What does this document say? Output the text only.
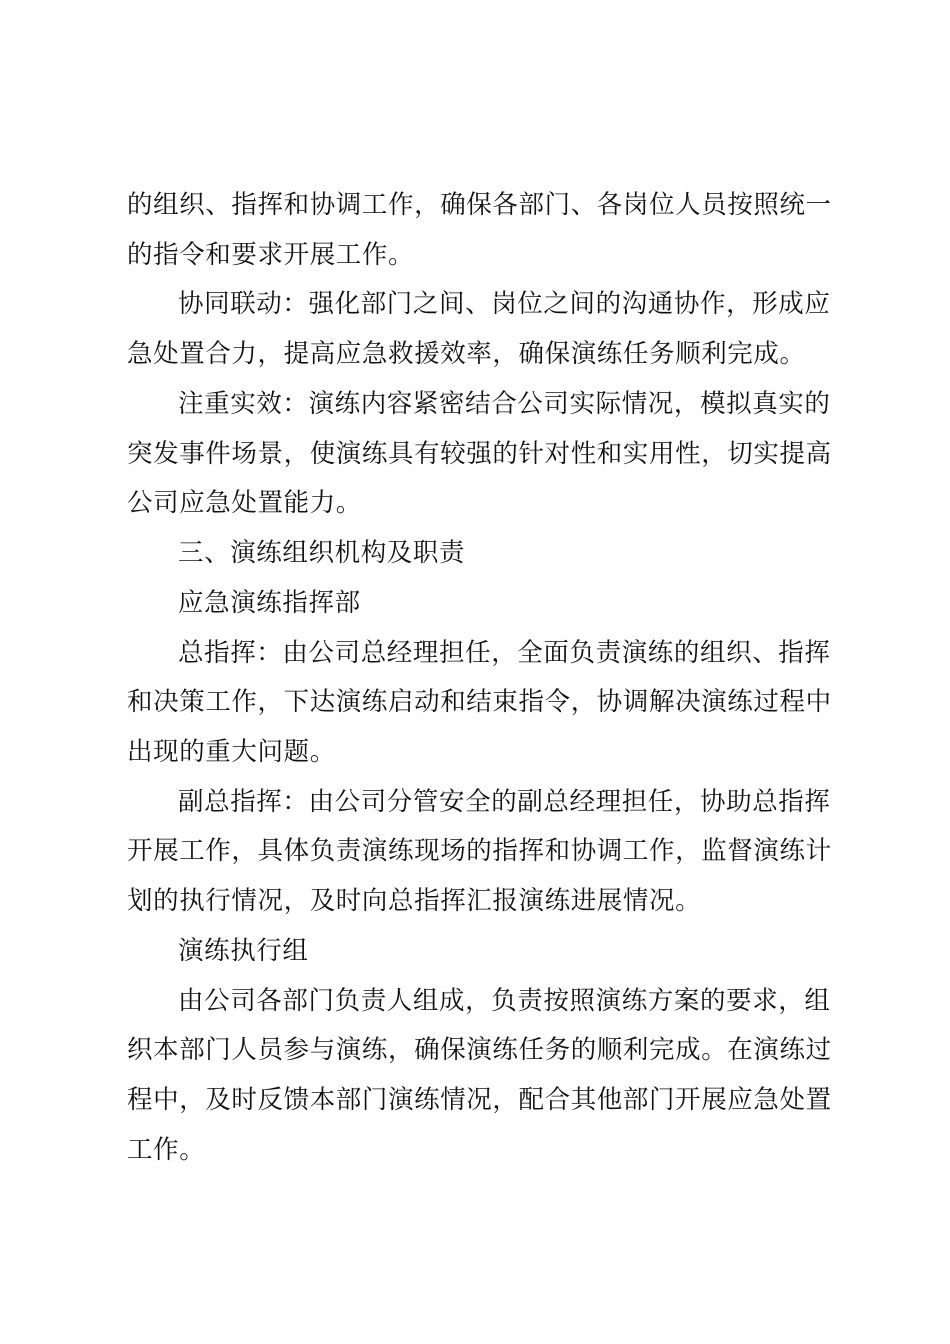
的组织、指挥和协调工作，确保各部门、各岗位人员按照统一
的指令和要求开展工作。
协同联动：强化部门之间、岗位之间的沟通协作，形成应
急处置合力，提高应急救援效率，确保演练任务顺利完成。
注重实效：演练内容紧密结合公司实际情况，模拟真实的
突发事件场景，使演练具有较强的针对性和实用性，切实提高
公司应急处置能力。
三、演练组织机构及职责
应急演练指挥部
总指挥：由公司总经理担任，全面负责演练的组织、指挥
和决策工作，下达演练启动和结束指令，协调解决演练过程中
出现的重大问题。
副总指挥：由公司分管安全的副总经理担任，协助总指挥
开展工作，具体负责演练现场的指挥和协调工作，监督演练计
划的执行情况，及时向总指挥汇报演练进展情况。
演练执行组
由公司各部门负责人组成，负责按照演练方案的要求，组
织本部门人员参与演练，确保演练任务的顺利完成。在演练过
程中，及时反馈本部门演练情况，配合其他部门开展应急处置
工作。
